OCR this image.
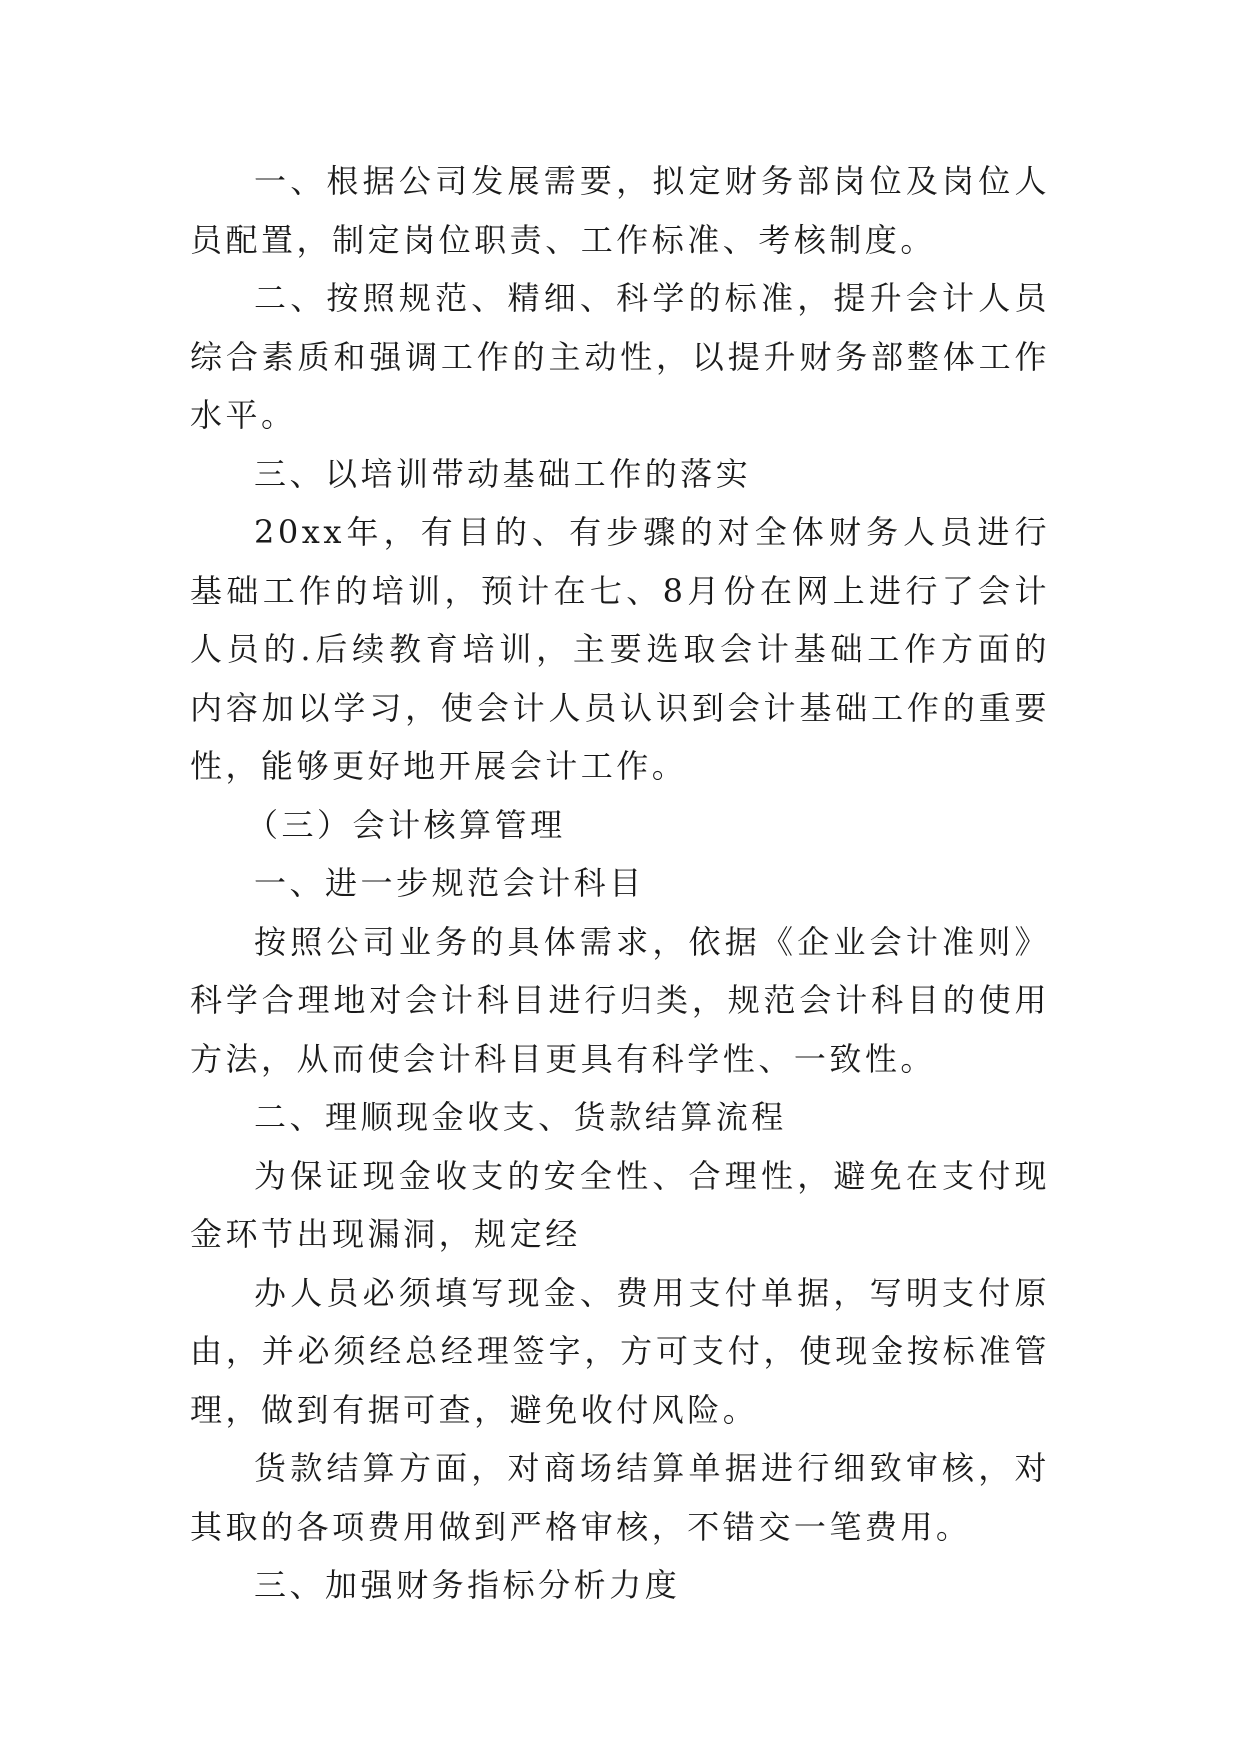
一、根据公司发展需要，拟定财务部岗位及岗位人员配置，制定岗位职责、工作标准、考核制度。

二、按照规范、精细、科学的标准，提升会计人员综合素质和强调工作的主动性，以提升财务部整体工作水平。

三、以培训带动基础工作的落实

20xx年，有目的、有步骤的对全体财务人员进行基础工作的培训，预计在七、8月份在网上进行了会计人员的.后续教育培训，主要选取会计基础工作方面的内容加以学习，使会计人员认识到会计基础工作的重要性，能够更好地开展会计工作。

（三）会计核算管理

一、进一步规范会计科目

按照公司业务的具体需求，依据《企业会计准则》科学合理地对会计科目进行归类，规范会计科目的使用方法，从而使会计科目更具有科学性、一致性。

二、理顺现金收支、货款结算流程

为保证现金收支的安全性、合理性，避免在支付现金环节出现漏洞，规定经

办人员必须填写现金、费用支付单据，写明支付原由，并必须经总经理签字，方可支付，使现金按标准管理，做到有据可查，避免收付风险。

货款结算方面，对商场结算单据进行细致审核，对其取的各项费用做到严格审核，不错交一笔费用。

三、加强财务指标分析力度
